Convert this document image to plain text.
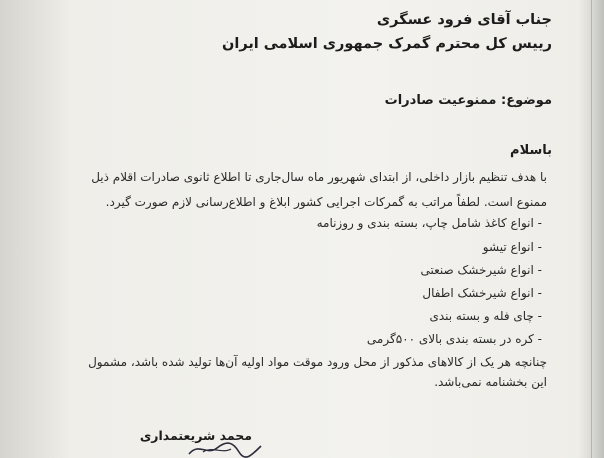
جناب آقای فرود عسگری
رییس کل محترم گمرک جمهوری اسلامی ایران
موضوع: ممنوعیت صادرات
باسلام
با هدف تنظیم بازار داخلی، از ابتدای شهریور ماه سال‌جاری تا اطلاع ثانوی صادرات اقلام ذیل
ممنوع است. لطفاً مراتب به گمرکات اجرایی کشور ابلاغ و اطلاع‌رسانی لازم صورت گیرد.
- انواع کاغذ شامل چاپ، بسته بندی و روزنامه
- انواع تیشو
- انواع شیرخشک صنعتی
- انواع شیرخشک اطفال
- چای فله و بسته بندی
- کره در بسته بندی بالای ۵۰۰گرمی
چنانچه هر یک از کالاهای مذکور از محل ورود موقت مواد اولیه آن‌ها تولید شده باشد، مشمول
این بخشنامه نمی‌باشد.
محمد شریعتمداری
